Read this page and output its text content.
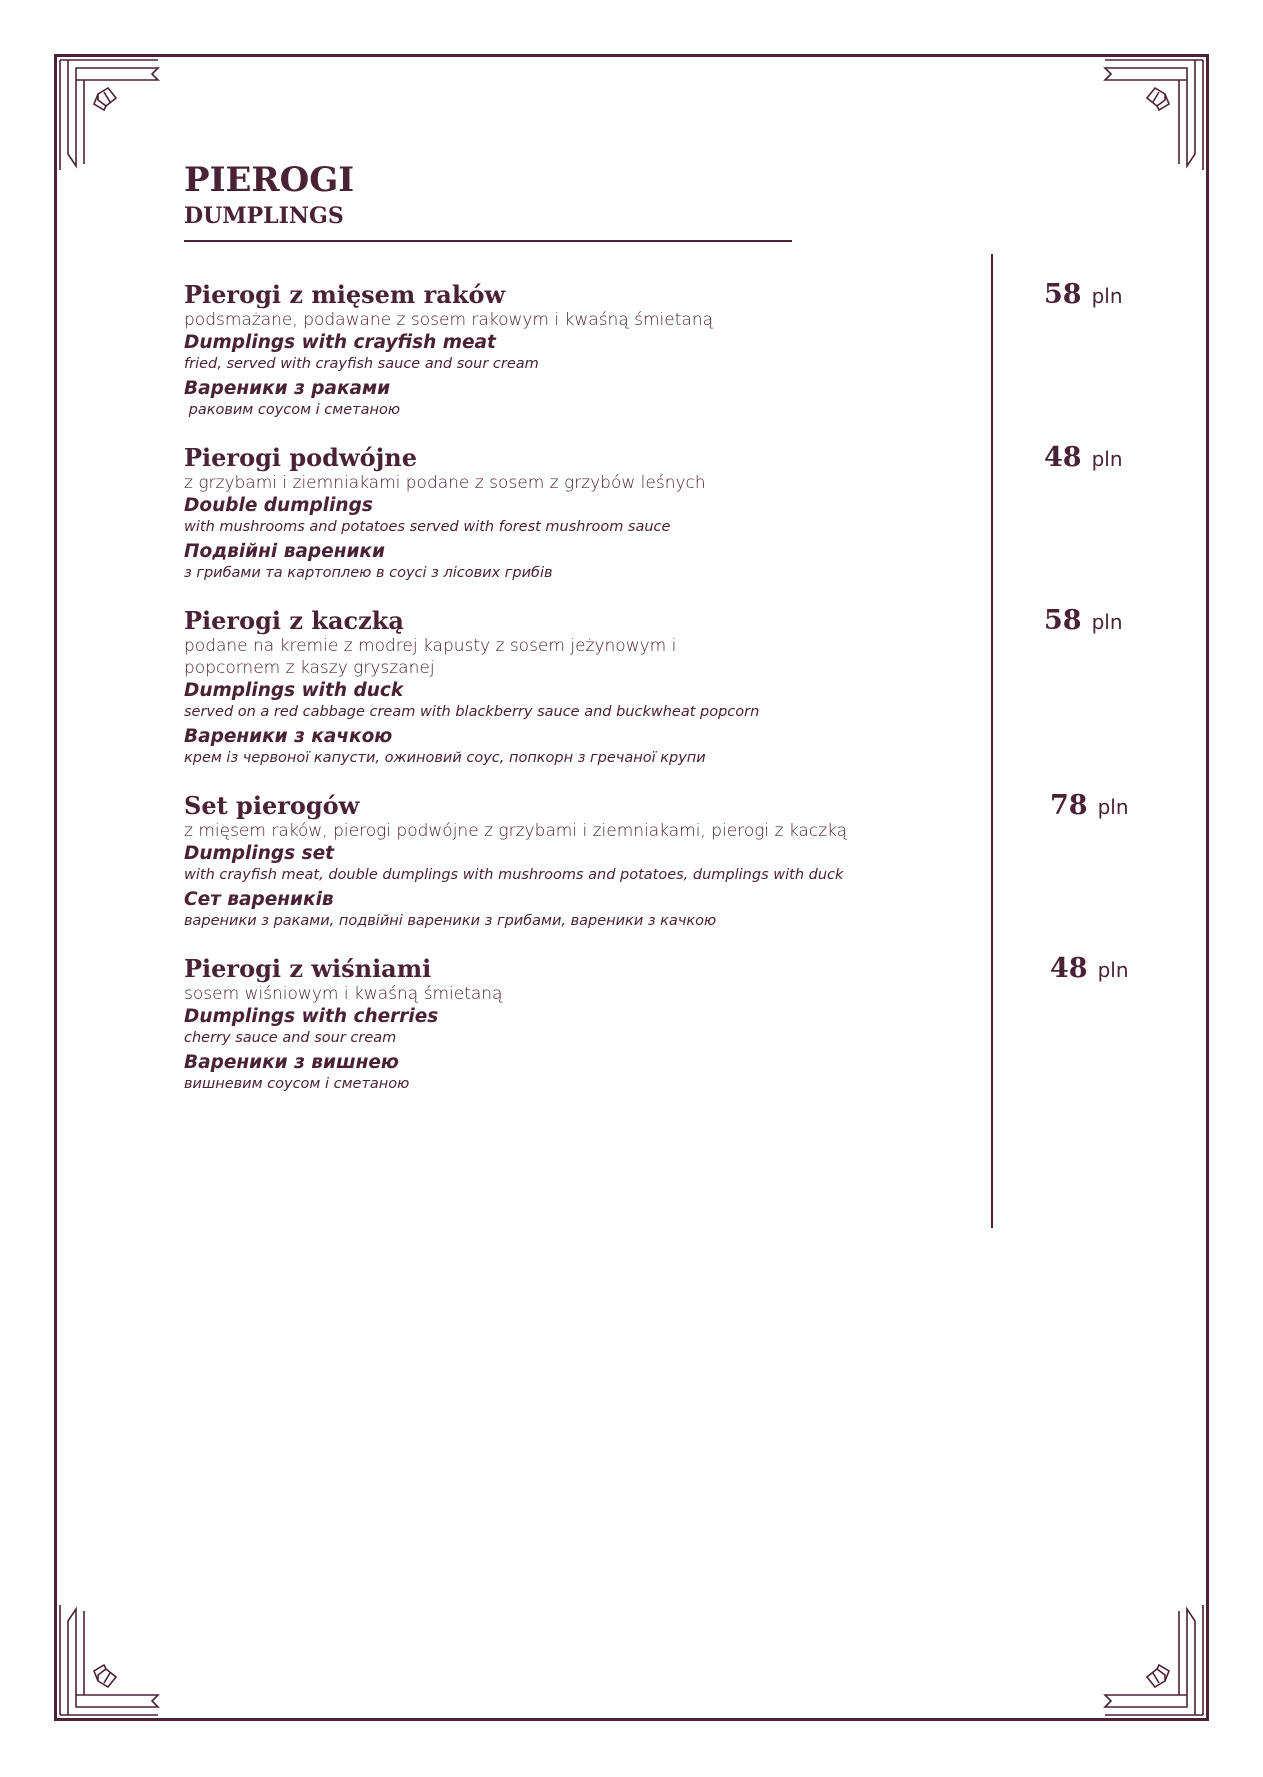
PIEROGI
DUMPLINGS
Pierogi z mięsem raków
podsmażane, podawane z sosem rakowym i kwaśną śmietaną
Dumplings with crayfish meat
fried, served with crayfish sauce and sour cream
Вареники з раками
раковим соусом і сметаною
58 pln
Pierogi podwójne
z grzybami i ziemniakami podane z sosem z grzybów leśnych
Double dumplings
with mushrooms and potatoes served with forest mushroom sauce
Подвійні вареники
з грибами та картоплею в соусі з лісових грибів
48 pln
Pierogi z kaczką
podane na kremie z modrej kapusty z sosem jeżynowym i popcornem z kaszy gryszanej
Dumplings with duck
served on a red cabbage cream with blackberry sauce and buckwheat popcorn
Вареники з качкою
крем із червоної капусти, ожиновий соус, попкорн з гречаної крупи
58 pln
Set pierogów
z mięsem raków, pierogi podwójne z grzybami i ziemniakami, pierogi z kaczką
Dumplings set
with crayfish meat, double dumplings with mushrooms and potatoes, dumplings with duck
Сет вареників
вареники з раками, подвійні вареники з грибами, вареники з качкою
78 pln
Pierogi z wiśniami
sosem wiśniowym i kwaśną śmietaną
Dumplings with cherries
cherry sauce and sour cream
Вареники з вишнею
вишневим соусом і сметаною
48 pln
